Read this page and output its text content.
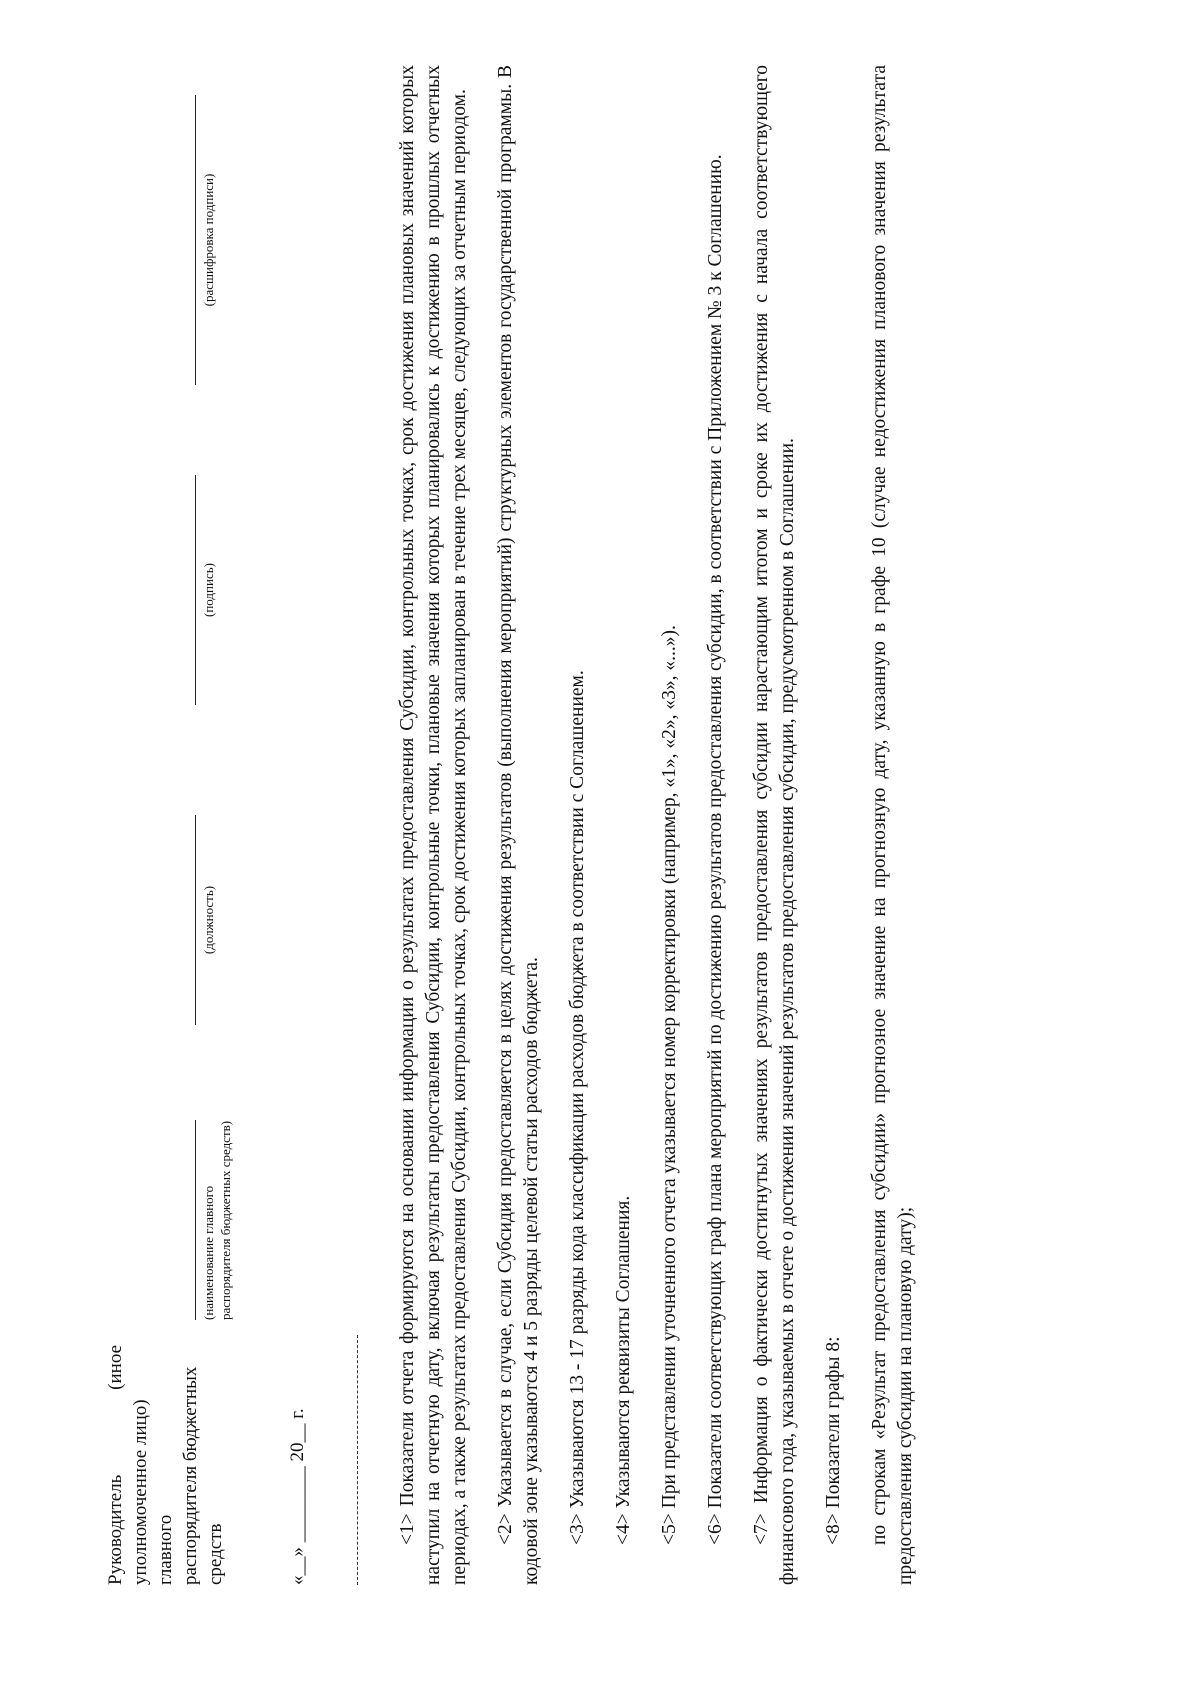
Руководитель
(иное
уполномоченное лицо) главного распорядителя бюджетных средств
(наименование главного распорядителя бюджетных средств)
(должность)
(подпись)
(расшифровка подписи)
«__» ________ 20__ г.	<1> Показатели отчета формируются на основании информации о результатах предоставления Субсидии, контрольных точках, срок достижения плановых значений которых наступил на отчетную дату, включая результаты предоставления Субсидии, контрольные точки, плановые значения которых планировались к достижению в прошлых отчетных периодах, а также результатах предоставления Субсидии, контрольных точках, срок достижения которых запланирован в течение трех месяцев, следующих за отчетным периодом. <2> Указывается в случае, если Субсидия предоставляется в целях достижения результатов (выполнения мероприятий) структурных элементов государственной программы. В кодовой зоне указываются 4 и 5 разряды целевой статьи расходов бюджета. <3> Указываются 13 - 17 разряды кода классификации расходов бюджета в соответствии с Соглашением. <4> Указываются реквизиты Соглашения. <5> При представлении уточненного отчета указывается номер корректировки (например, «1», «2», «3», «...»). <6> Показатели соответствующих граф плана мероприятий по достижению результатов предоставления субсидии, в соответствии с Приложением № 3 к Соглашению. <7> Информация о фактически достигнутых значениях результатов предоставления субсидии нарастающим итогом и сроке их достижения с начала соответствующего финансового года, указываемых в отчете о достижении значений результатов предоставления субсидии, предусмотренном в Соглашении. <8> Показатели графы 8: по строкам «Результат предоставления субсидии» прогнозное значение на прогнозную дату, указанную в графе 10 (случае недостижения планового значения результата предоставления субсидии на плановую дату);
